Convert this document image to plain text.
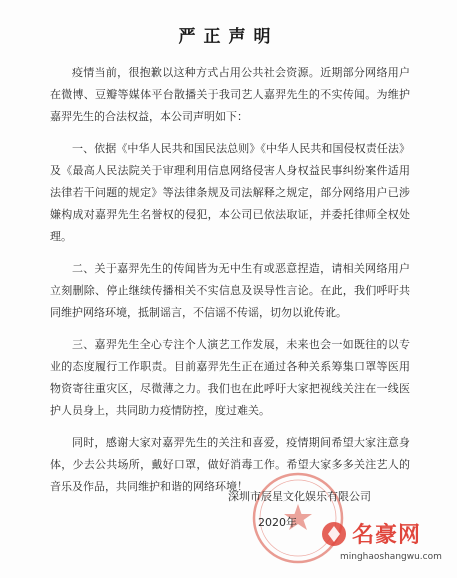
严正声明

疫情当前，很抱歉以这种方式占用公共社会资源。近期部分网络用户在微博、豆瓣等媒体平台散播关于我司艺人嘉羿先生的不实传闻。为维护嘉羿先生的合法权益，本公司声明如下：

一、依据《中华人民共和国民法总则》《中华人民共和国侵权责任法》及《最高人民法院关于审理利用信息网络侵害人身权益民事纠纷案件适用法律若干问题的规定》等法律条规及司法解释之规定，部分网络用户已涉嫌构成对嘉羿先生名誉权的侵犯，本公司已依法取证，并委托律师全权处理。

二、关于嘉羿先生的传闻皆为无中生有或恶意捏造，请相关网络用户立刻删除、停止继续传播相关不实信息及误导性言论。在此，我们呼吁共同维护网络环境，抵制谣言，不信谣不传谣，切勿以讹传讹。

三、嘉羿先生全心专注个人演艺工作发展，未来也会一如既往的以专业的态度履行工作职责。目前嘉羿先生正在通过各种关系筹集口罩等医用物资寄往重灾区，尽微薄之力。我们也在此呼吁大家把视线关注在一线医护人员身上，共同助力疫情防控，度过难关。

同时，感谢大家对嘉羿先生的关注和喜爱，疫情期间希望大家注意身体，少去公共场所，戴好口罩，做好消毒工作。希望大家多多关注艺人的音乐及作品，共同维护和谐的网络环境！

深圳市辰星文化娱乐有限公司
2020年
名豪网
minghaoshangwu.com
